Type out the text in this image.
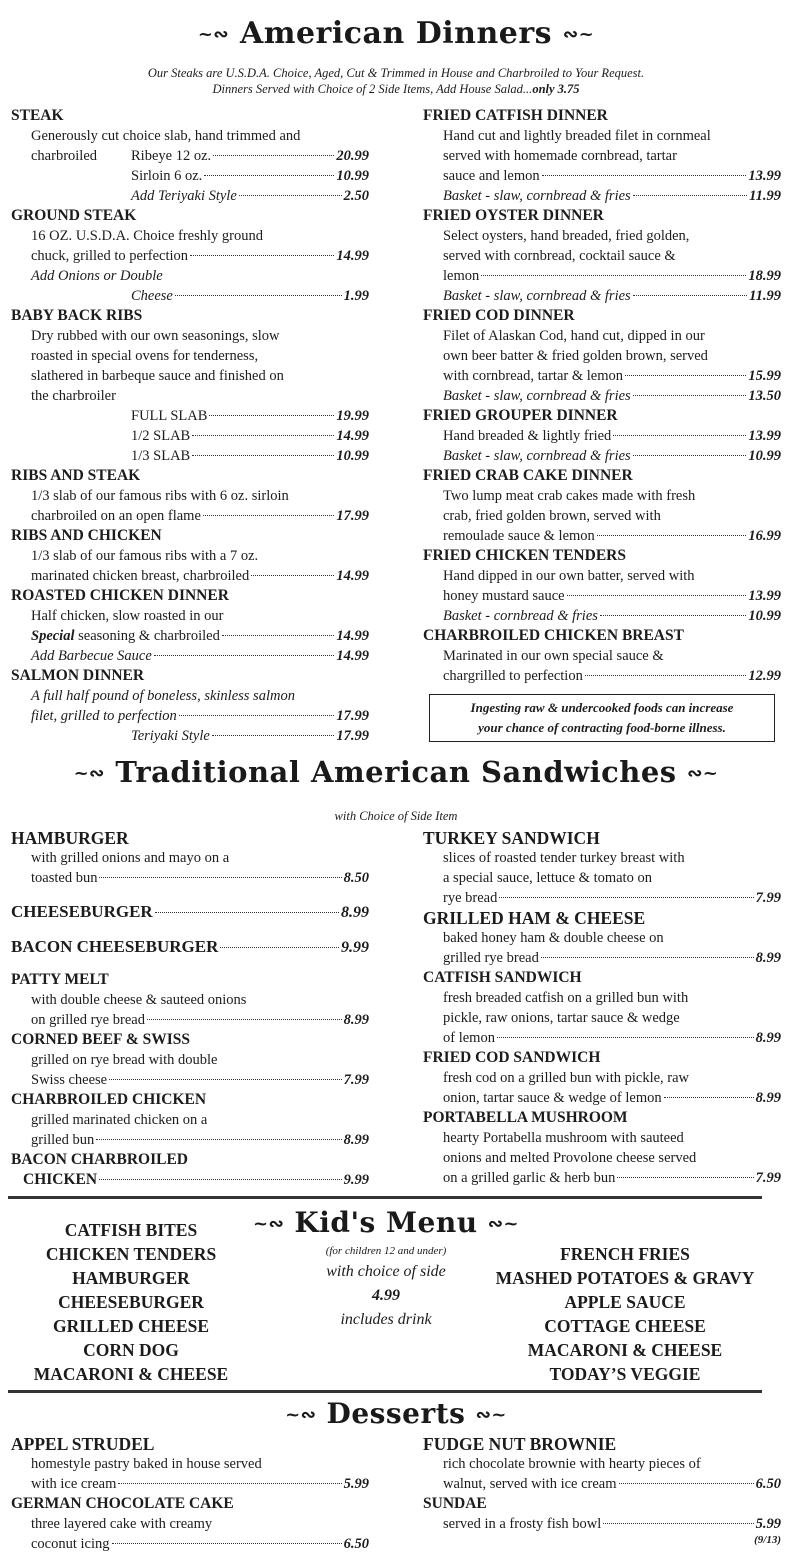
~∾ American Dinners ∾~
Our Steaks are U.S.D.A. Choice, Aged, Cut & Trimmed in House and Charbroiled to Your Request.
Dinners Served with Choice of 2 Side Items, Add House Salad...only 3.75
STEAK
Generously cut choice slab, hand trimmed and
charbroiled	Ribeye 12 oz.	20.99
Sirloin 6 oz.	10.99
Add Teriyaki Style	2.50
GROUND STEAK
16 OZ. U.S.D.A. Choice freshly ground
chuck, grilled to perfection	14.99
Add Onions or Double
Cheese	1.99
BABY BACK RIBS
Dry rubbed with our own seasonings, slow
roasted in special ovens for tenderness,
slathered in barbeque sauce and finished on
the charbroiler
FULL SLAB	19.99
1/2 SLAB	14.99
1/3 SLAB	10.99
RIBS AND STEAK
1/3 slab of our famous ribs with 6 oz. sirloin
charbroiled on an open flame	17.99
RIBS AND CHICKEN
1/3 slab of our famous ribs with a 7 oz.
marinated chicken breast, charbroiled	14.99
ROASTED CHICKEN DINNER
Half chicken, slow roasted in our
Special seasoning & charbroiled	14.99
Add Barbecue Sauce	14.99
SALMON DINNER
A full half pound of boneless, skinless salmon
filet, grilled to perfection	17.99
Teriyaki Style	17.99
FRIED CATFISH DINNER
Hand cut and lightly breaded filet in cornmeal
served with homemade cornbread, tartar
sauce and lemon	13.99
Basket - slaw, cornbread & fries	11.99
FRIED OYSTER DINNER
Select oysters, hand breaded, fried golden,
served with cornbread, cocktail sauce &
lemon	18.99
Basket - slaw, cornbread & fries	11.99
FRIED COD DINNER
Filet of Alaskan Cod, hand cut, dipped in our
own beer batter & fried golden brown, served
with cornbread, tartar & lemon	15.99
Basket - slaw, cornbread & fries	13.50
FRIED GROUPER DINNER
Hand breaded & lightly fried	13.99
Basket - slaw, cornbread & fries	10.99
FRIED CRAB CAKE DINNER
Two lump meat crab cakes made with fresh
crab, fried golden brown, served with
remoulade sauce & lemon	16.99
FRIED CHICKEN TENDERS
Hand dipped in our own batter, served with
honey mustard sauce	13.99
Basket - cornbread & fries	10.99
CHARBROILED CHICKEN BREAST
Marinated in our own special sauce &
chargrilled to perfection	12.99
Ingesting raw & undercooked foods can increase
your chance of contracting food-borne illness.
~∾ Traditional American Sandwiches ∾~
with Choice of Side Item
HAMBURGER
with grilled onions and mayo on a
toasted bun	8.50
CHEESEBURGER	8.99
BACON CHEESEBURGER	9.99
PATTY MELT
with double cheese & sauteed onions
on grilled rye bread	8.99
CORNED BEEF & SWISS
grilled on rye bread with double
Swiss cheese	7.99
CHARBROILED CHICKEN
grilled marinated chicken on a
grilled bun	8.99
BACON CHARBROILED
CHICKEN	9.99
TURKEY SANDWICH
slices of roasted tender turkey breast with
a special sauce, lettuce & tomato on
rye bread	7.99
GRILLED HAM & CHEESE
baked honey ham & double cheese on
grilled rye bread	8.99
CATFISH SANDWICH
fresh breaded catfish on a grilled bun with
pickle, raw onions, tartar sauce & wedge
of lemon	8.99
FRIED COD SANDWICH
fresh cod on a grilled bun with pickle, raw
onion, tartar sauce & wedge of lemon	8.99
PORTABELLA MUSHROOM
hearty Portabella mushroom with sauteed
onions and melted Provolone cheese served
on a grilled garlic & herb bun	7.99
CATFISH BITES
CHICKEN TENDERS
HAMBURGER
CHEESEBURGER
GRILLED CHEESE
CORN DOG
MACARONI & CHEESE
~∾ Kid's Menu ∾~
(for children 12 and under)
with choice of side
4.99
includes drink
FRENCH FRIES
MASHED POTATOES & GRAVY
APPLE SAUCE
COTTAGE CHEESE
MACARONI & CHEESE
TODAY’S VEGGIE
~∾ Desserts ∾~
APPEL STRUDEL
homestyle pastry baked in house served
with ice cream	5.99
GERMAN CHOCOLATE CAKE
three layered cake with creamy
coconut icing	6.50
FUDGE NUT BROWNIE
rich chocolate brownie with hearty pieces of
walnut, served with ice cream	6.50
SUNDAE
served in a frosty fish bowl	5.99
(9/13)
